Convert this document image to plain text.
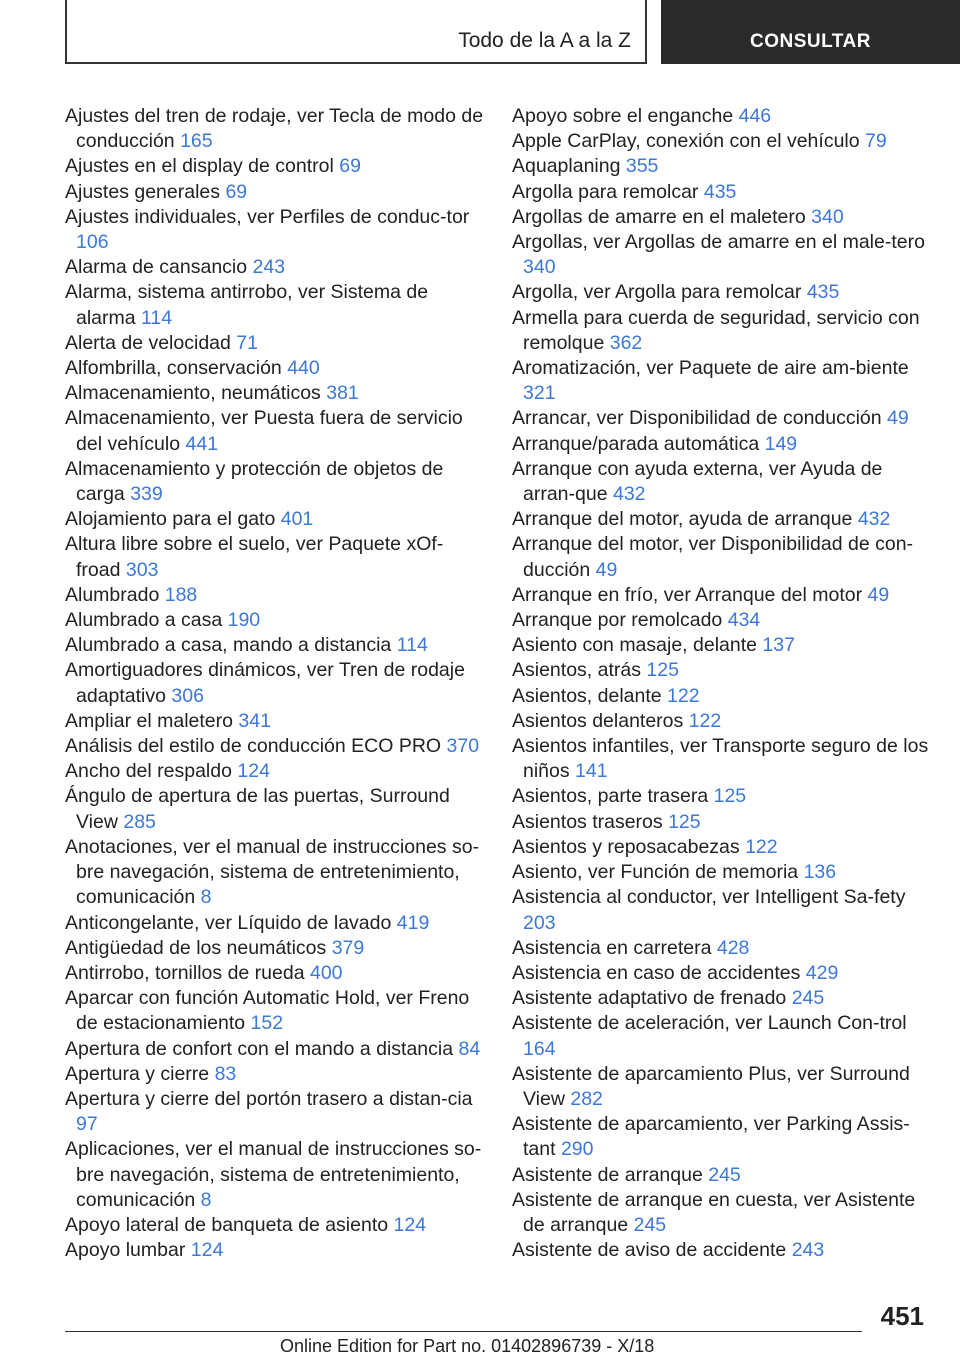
Todo de la A a la Z	CONSULTAR
Ajustes del tren de rodaje, ver Tecla de modo de conducción 165
Ajustes en el display de control 69
Ajustes generales 69
Ajustes individuales, ver Perfiles de conduc-tor 106
Alarma de cansancio 243
Alarma, sistema antirrobo, ver Sistema de alarma 114
Alerta de velocidad 71
Alfombrilla, conservación 440
Almacenamiento, neumáticos 381
Almacenamiento, ver Puesta fuera de servicio del vehículo 441
Almacenamiento y protección de objetos de carga 339
Alojamiento para el gato 401
Altura libre sobre el suelo, ver Paquete xOf-froad 303
Alumbrado 188
Alumbrado a casa 190
Alumbrado a casa, mando a distancia 114
Amortiguadores dinámicos, ver Tren de rodaje adaptativo 306
Ampliar el maletero 341
Análisis del estilo de conducción ECO PRO 370
Ancho del respaldo 124
Ángulo de apertura de las puertas, Surround View 285
Anotaciones, ver el manual de instrucciones so-bre navegación, sistema de entretenimiento, comunicación 8
Anticongelante, ver Líquido de lavado 419
Antigüedad de los neumáticos 379
Antirrobo, tornillos de rueda 400
Aparcar con función Automatic Hold, ver Freno de estacionamiento 152
Apertura de confort con el mando a distancia 84
Apertura y cierre 83
Apertura y cierre del portón trasero a distan-cia 97
Aplicaciones, ver el manual de instrucciones so-bre navegación, sistema de entretenimiento, comunicación 8
Apoyo lateral de banqueta de asiento 124
Apoyo lumbar 124
Apoyo sobre el enganche 446
Apple CarPlay, conexión con el vehículo 79
Aquaplaning 355
Argolla para remolcar 435
Argollas de amarre en el maletero 340
Argollas, ver Argollas de amarre en el male-tero 340
Argolla, ver Argolla para remolcar 435
Armella para cuerda de seguridad, servicio con remolque 362
Aromatización, ver Paquete de aire am-biente 321
Arrancar, ver Disponibilidad de conducción 49
Arranque/parada automática 149
Arranque con ayuda externa, ver Ayuda de arran-que 432
Arranque del motor, ayuda de arranque 432
Arranque del motor, ver Disponibilidad de con-ducción 49
Arranque en frío, ver Arranque del motor 49
Arranque por remolcado 434
Asiento con masaje, delante 137
Asientos, atrás 125
Asientos, delante 122
Asientos delanteros 122
Asientos infantiles, ver Transporte seguro de los niños 141
Asientos, parte trasera 125
Asientos traseros 125
Asientos y reposacabezas 122
Asiento, ver Función de memoria 136
Asistencia al conductor, ver Intelligent Sa-fety 203
Asistencia en carretera 428
Asistencia en caso de accidentes 429
Asistente adaptativo de frenado 245
Asistente de aceleración, ver Launch Con-trol 164
Asistente de aparcamiento Plus, ver Surround View 282
Asistente de aparcamiento, ver Parking Assis-tant 290
Asistente de arranque 245
Asistente de arranque en cuesta, ver Asistente de arranque 245
Asistente de aviso de accidente 243
451
Online Edition for Part no. 01402896739 - X/18
